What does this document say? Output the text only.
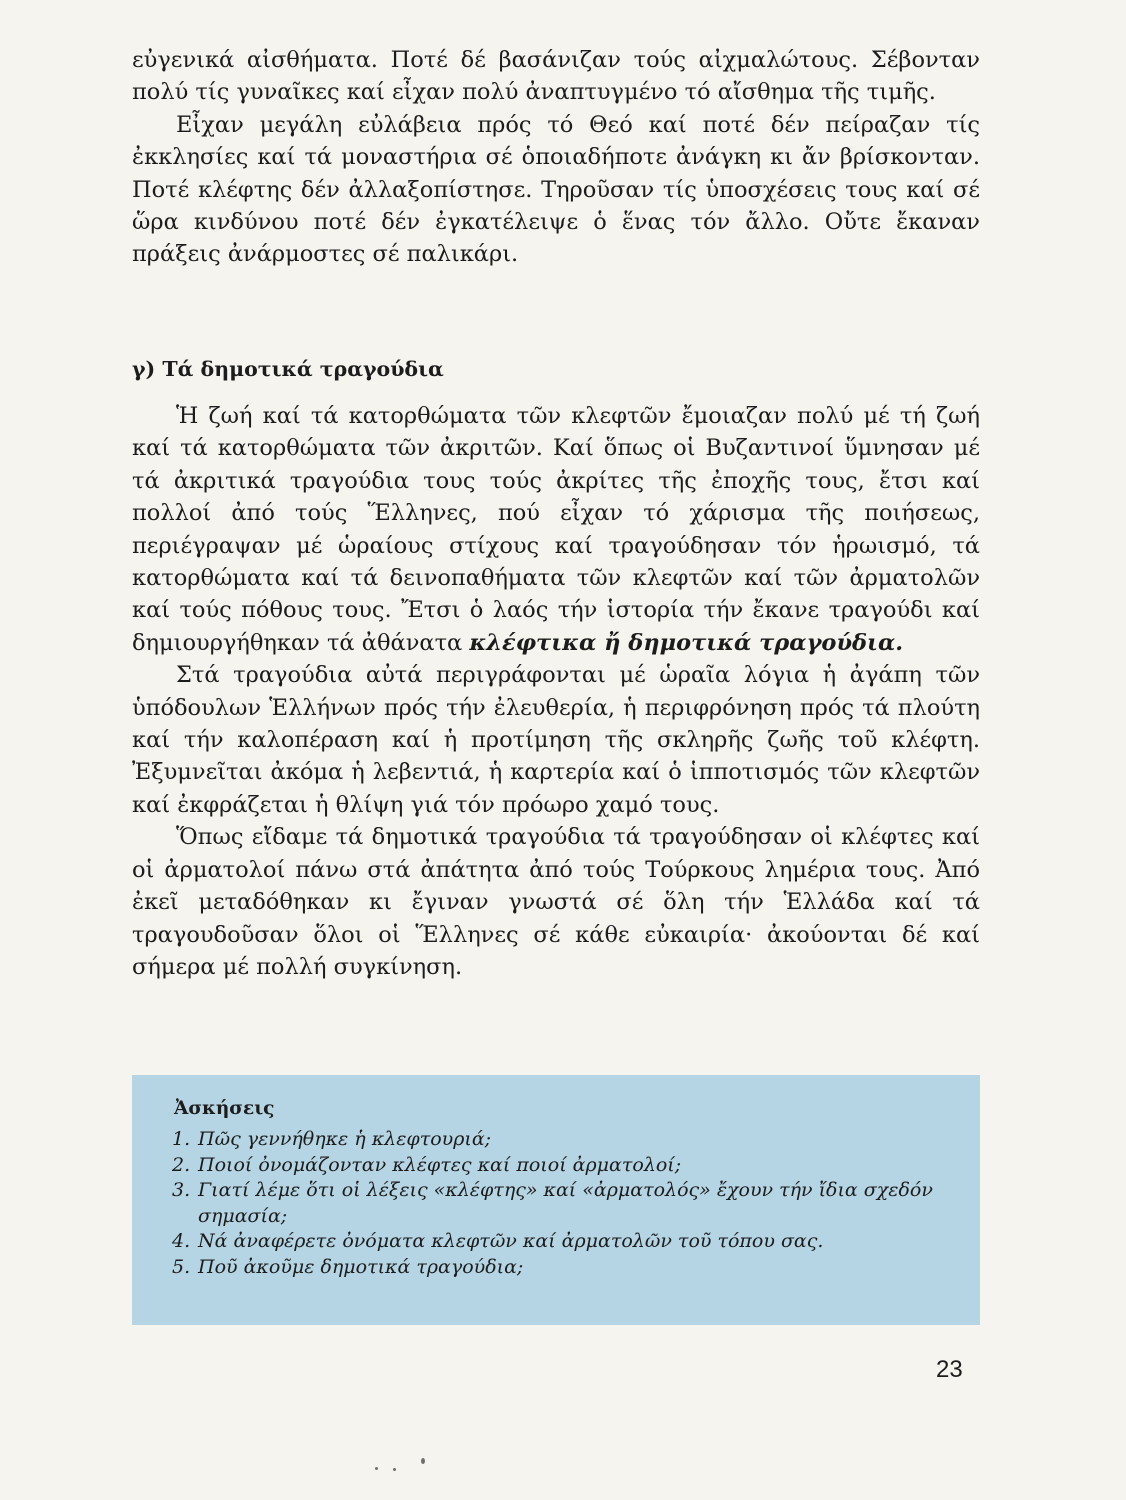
εὐγενικά αἰσθήματα. Ποτέ δέ βασάνιζαν τούς αἰχμαλώτους. Σέβονταν πολύ τίς γυναῖκες καί εἶχαν πολύ ἀναπτυγμένο τό αἴσθημα τῆς τιμῆς.

Εἶχαν μεγάλη εὐλάβεια πρός τό Θεό καί ποτέ δέν πείραζαν τίς ἐκκλησίες καί τά μοναστήρια σέ ὁποιαδήποτε ἀνάγκη κι ἄν βρίσκονταν. Ποτέ κλέφτης δέν ἀλλαξοπίστησε. Τηροῦσαν τίς ὑποσχέσεις τους καί σέ ὥρα κινδύνου ποτέ δέν ἐγκατέλειψε ὁ ἕνας τόν ἄλλο. Οὔτε ἔκαναν πράξεις ἀνάρμοστες σέ παλικάρι.

γ) Τά δημοτικά τραγούδια

Ἡ ζωή καί τά κατορθώματα τῶν κλεφτῶν ἔμοιαζαν πολύ μέ τή ζωή καί τά κατορθώματα τῶν ἀκριτῶν. Καί ὅπως οἱ Βυζαντινοί ὕμνησαν μέ τά ἀκριτικά τραγούδια τους τούς ἀκρίτες τῆς ἐποχῆς τους, ἔτσι καί πολλοί ἀπό τούς Ἕλληνες, πού εἶχαν τό χάρισμα τῆς ποιήσεως, περιέγραψαν μέ ὡραίους στίχους καί τραγούδησαν τόν ἡρωισμό, τά κατορθώματα καί τά δεινοπαθήματα τῶν κλεφτῶν καί τῶν ἀρματολῶν καί τούς πόθους τους. Ἔτσι ὁ λαός τήν ἱστορία τήν ἔκανε τραγούδι καί δημιουργήθηκαν τά ἀθάνατα κλέφτικα ἤ δημοτικά τραγούδια.

Στά τραγούδια αὐτά περιγράφονται μέ ὡραῖα λόγια ἡ ἀγάπη τῶν ὑπόδουλων Ἑλλήνων πρός τήν ἐλευθερία, ἡ περιφρόνηση πρός τά πλούτη καί τήν καλοπέραση καί ἡ προτίμηση τῆς σκληρῆς ζωῆς τοῦ κλέφτη. Ἐξυμνεῖται ἀκόμα ἡ λεβεντιά, ἡ καρτερία καί ὁ ἱπποτισμός τῶν κλεφτῶν καί ἐκφράζεται ἡ θλίψη γιά τόν πρόωρο χαμό τους.

Ὅπως εἴδαμε τά δημοτικά τραγούδια τά τραγούδησαν οἱ κλέφτες καί οἱ ἀρματολοί πάνω στά ἀπάτητα ἀπό τούς Τούρκους λημέρια τους. Ἀπό ἐκεῖ μεταδόθηκαν κι ἔγιναν γνωστά σέ ὅλη τήν Ἑλλάδα καί τά τραγουδοῦσαν ὅλοι οἱ Ἕλληνες σέ κάθε εὐκαιρία· ἀκούονται δέ καί σήμερα μέ πολλή συγκίνηση.

Ἀσκήσεις
1. Πῶς γεννήθηκε ἡ κλεφτουριά;
2. Ποιοί ὀνομάζονταν κλέφτες καί ποιοί ἀρματολοί;
3. Γιατί λέμε ὅτι οἱ λέξεις «κλέφτης» καί «ἀρματολός» ἔχουν τήν ἴδια σχεδόν σημασία;
4. Νά ἀναφέρετε ὀνόματα κλεφτῶν καί ἀρματολῶν τοῦ τόπου σας.
5. Ποῦ ἀκοῦμε δημοτικά τραγούδια;
23
